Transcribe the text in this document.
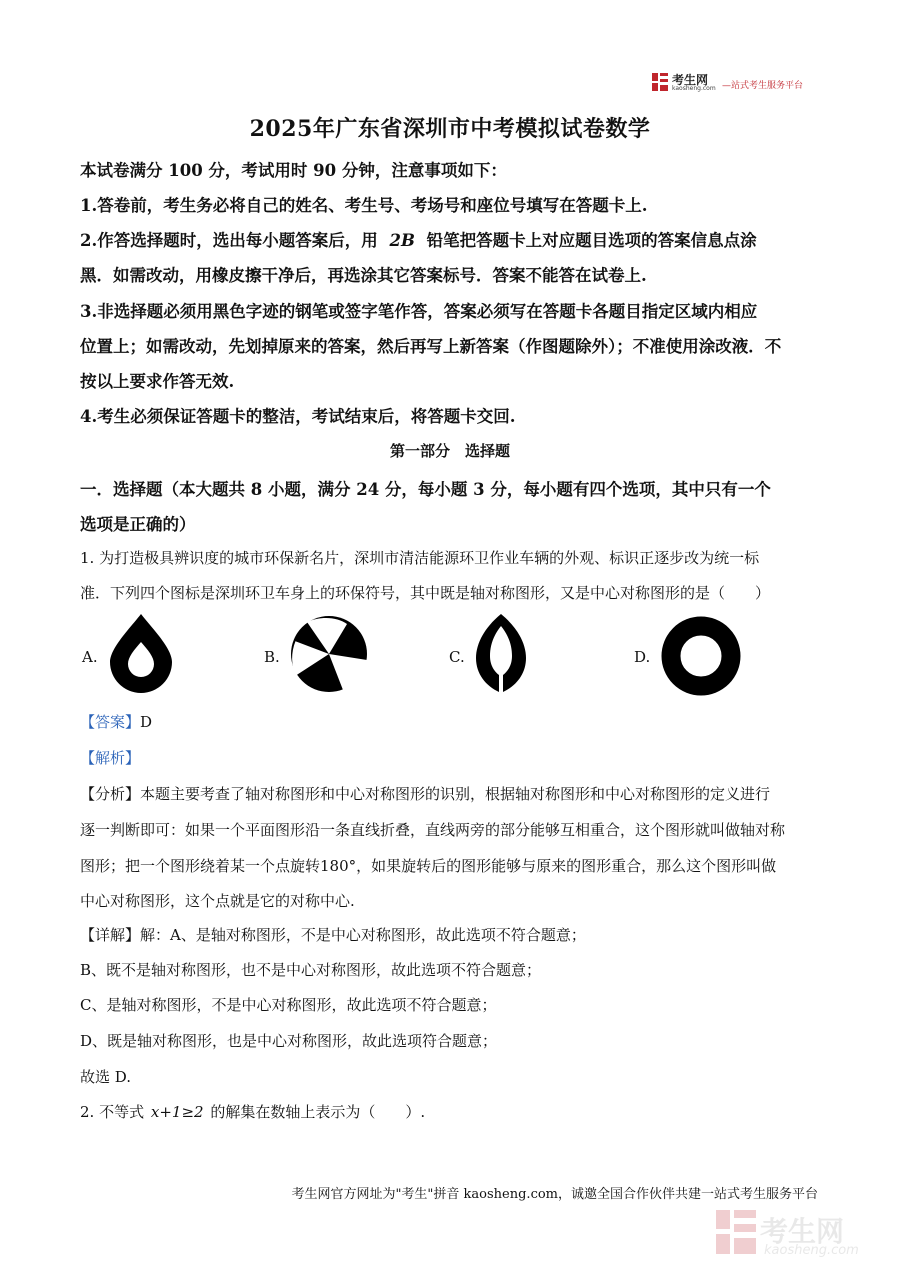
考生网
kaosheng.com —站式考生服务平台
2025年广东省深圳市中考模拟试卷数学
本试卷满分 100 分，考试用时 90 分钟，注意事项如下：
1.答卷前，考生务必将自己的姓名、考生号、考场号和座位号填写在答题卡上.
2.作答选择题时，选出每小题答案后，用 2B 铅笔把答题卡上对应题目选项的答案信息点涂
黑．如需改动，用橡皮擦干净后，再选涂其它答案标号．答案不能答在试卷上.
3.非选择题必须用黑色字迹的钢笔或签字笔作答，答案必须写在答题卡各题目指定区域内相应
位置上；如需改动，先划掉原来的答案，然后再写上新答案（作图题除外）；不准使用涂改液．不
按以上要求作答无效.
4.考生必须保证答题卡的整洁，考试结束后，将答题卡交回.
第一部分　选择题
一．选择题（本大题共 8 小题，满分 24 分，每小题 3 分，每小题有四个选项，其中只有一个
选项是正确的）
1. 为打造极具辨识度的城市环保新名片，深圳市清洁能源环卫作业车辆的外观、标识正逐步改为统一标
准．下列四个图标是深圳环卫车身上的环保符号，其中既是轴对称图形，又是中心对称图形的是（　　）
A.	B.	C.	D.
【答案】D
【解析】
【分析】本题主要考查了轴对称图形和中心对称图形的识别，根据轴对称图形和中心对称图形的定义进行
逐一判断即可：如果一个平面图形沿一条直线折叠，直线两旁的部分能够互相重合，这个图形就叫做轴对称
图形；把一个图形绕着某一个点旋转180°，如果旋转后的图形能够与原来的图形重合，那么这个图形叫做
中心对称图形，这个点就是它的对称中心.
【详解】解：A、是轴对称图形，不是中心对称图形，故此选项不符合题意；
B、既不是轴对称图形，也不是中心对称图形，故此选项不符合题意；
C、是轴对称图形，不是中心对称图形，故此选项不符合题意；
D、既是轴对称图形，也是中心对称图形，故此选项符合题意；
故选 D.
2. 不等式 x+1≥2 的解集在数轴上表示为（　　）.
考生网官方网址为"考生"拼音 kaosheng.com，诚邀全国合作伙伴共建一站式考生服务平台
考生网
kaosheng.com
